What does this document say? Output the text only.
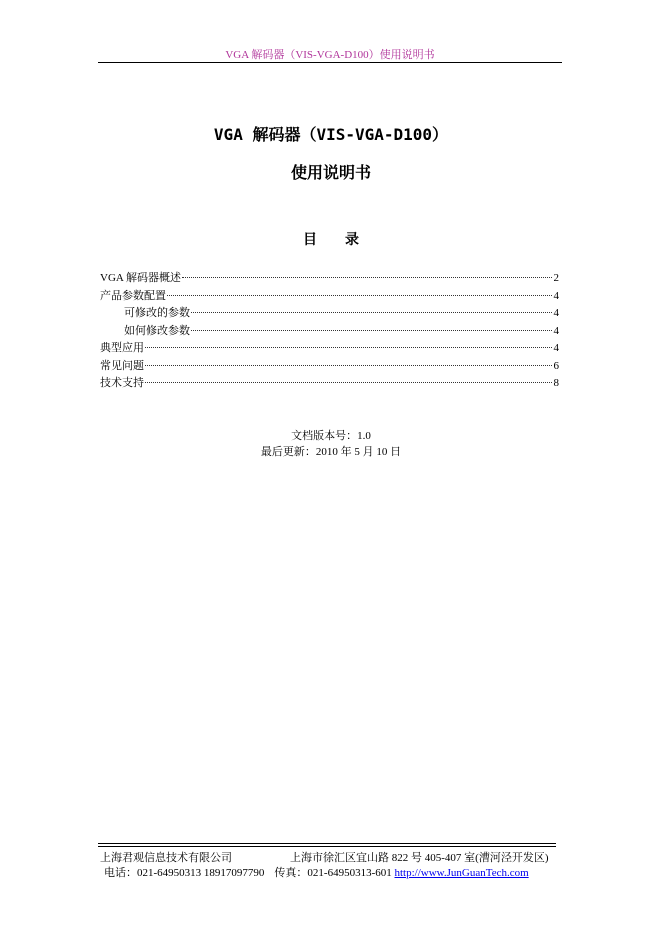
VGA 解码器（VIS-VGA-D100）使用说明书
VGA 解码器（VIS-VGA-D100）
使用说明书
目 录
VGA 解码器概述	2
产品参数配置	4
可修改的参数	4
如何修改参数	4
典型应用	4
常见问题	6
技术支持	8
文档版本号：1.0
最后更新：2010 年 5 月 10 日
上海君观信息技术有限公司	上海市徐汇区宜山路 822 号 405-407 室(漕河泾开发区)
电话：021-64950313 18917097790 传真：021-64950313-601 http://www.JunGuanTech.com
